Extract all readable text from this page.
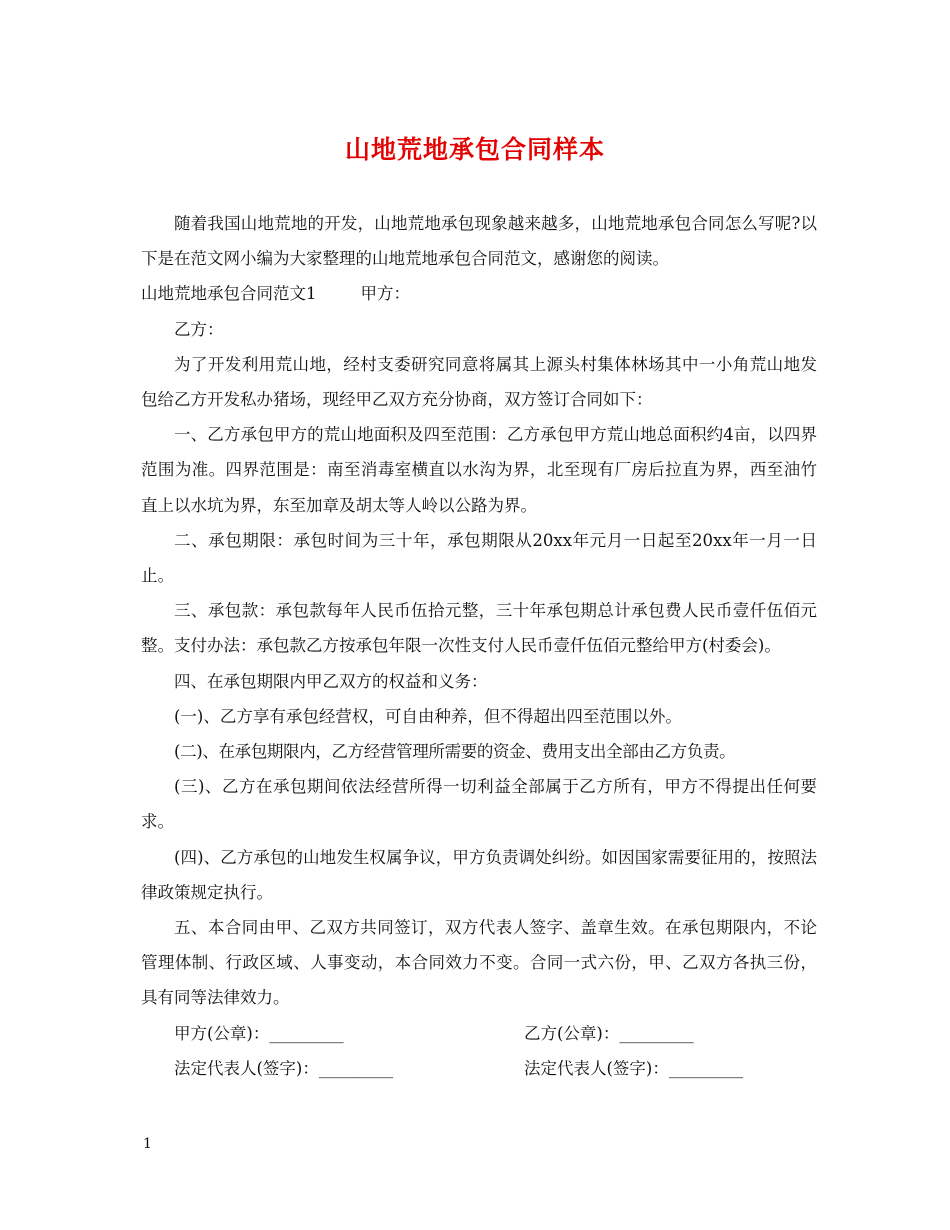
山地荒地承包合同样本

随着我国山地荒地的开发，山地荒地承包现象越来越多，山地荒地承包合同怎么写呢?以下是在范文网小编为大家整理的山地荒地承包合同范文，感谢您的阅读。

山地荒地承包合同范文1	甲方：

乙方：

为了开发利用荒山地，经村支委研究同意将属其上源头村集体林场其中一小角荒山地发包给乙方开发私办猪场，现经甲乙双方充分协商，双方签订合同如下：

一、乙方承包甲方的荒山地面积及四至范围：乙方承包甲方荒山地总面积约4亩，以四界范围为准。四界范围是：南至消毒室横直以水沟为界，北至现有厂房后拉直为界，西至油竹直上以水坑为界，东至加章及胡太等人岭以公路为界。

二、承包期限：承包时间为三十年，承包期限从20xx年元月一日起至20xx年一月一日止。

三、承包款：承包款每年人民币伍拾元整，三十年承包期总计承包费人民币壹仟伍佰元整。支付办法：承包款乙方按承包年限一次性支付人民币壹仟伍佰元整给甲方(村委会)。

四、在承包期限内甲乙双方的权益和义务：

(一)、乙方享有承包经营权，可自由种养，但不得超出四至范围以外。

(二)、在承包期限内，乙方经营管理所需要的资金、费用支出全部由乙方负责。

(三)、乙方在承包期间依法经营所得一切利益全部属于乙方所有，甲方不得提出任何要求。

(四)、乙方承包的山地发生权属争议，甲方负责调处纠纷。如因国家需要征用的，按照法律政策规定执行。

五、本合同由甲、乙双方共同签订，双方代表人签字、盖章生效。在承包期限内，不论管理体制、行政区域、人事变动，本合同效力不变。合同一式六份，甲、乙双方各执三份，具有同等法律效力。

甲方(公章)：_________	乙方(公章)：_________
法定代表人(签字)：_________	法定代表人(签字)：_________
1
